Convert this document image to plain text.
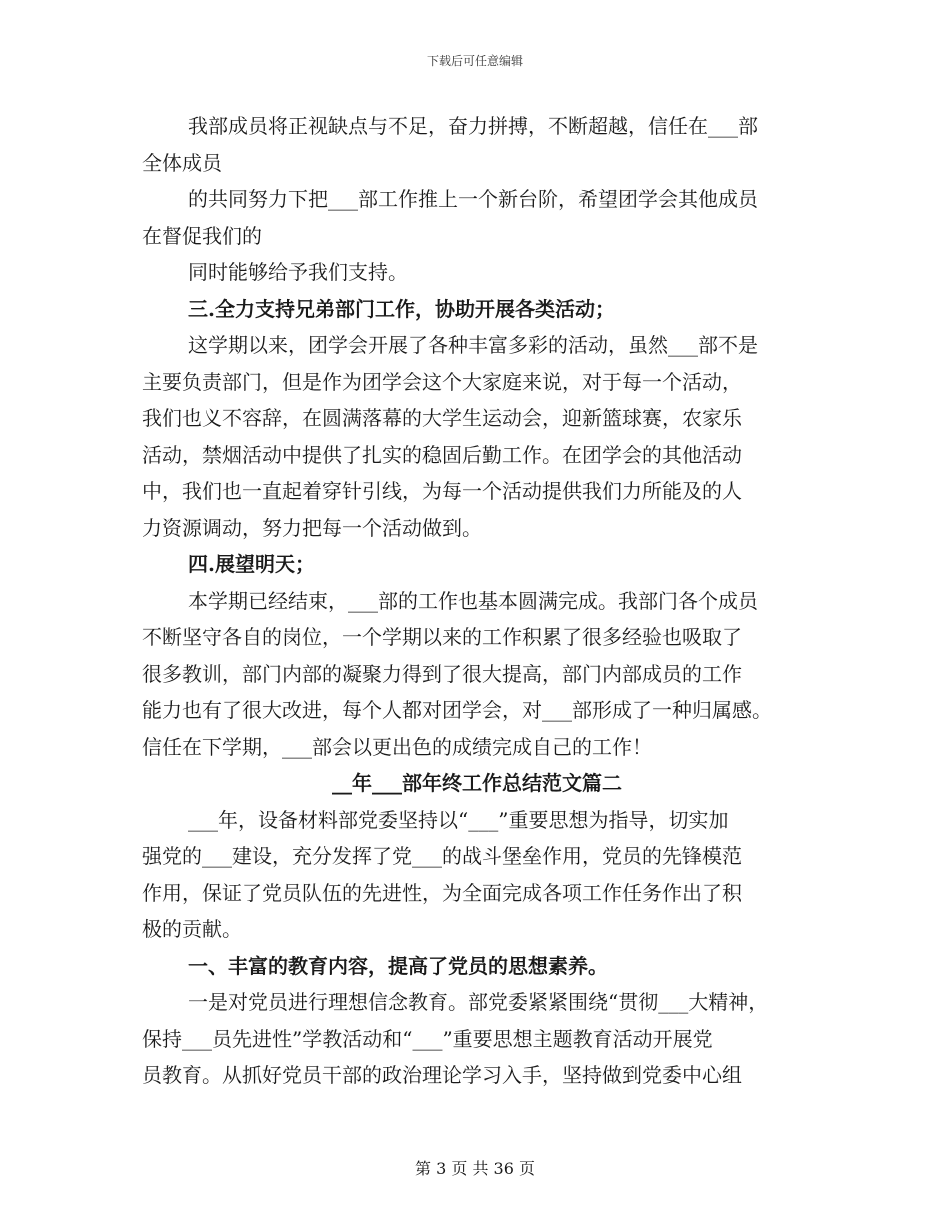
下载后可任意编辑
我部成员将正视缺点与不足，奋力拼搏，不断超越，信任在___部
全体成员
的共同努力下把___部工作推上一个新台阶，希望团学会其他成员
在督促我们的
同时能够给予我们支持。
三.全力支持兄弟部门工作，协助开展各类活动；
这学期以来，团学会开展了各种丰富多彩的活动，虽然___部不是
主要负责部门，但是作为团学会这个大家庭来说，对于每一个活动，
我们也义不容辞，在圆满落幕的大学生运动会，迎新篮球赛，农家乐
活动，禁烟活动中提供了扎实的稳固后勤工作。在团学会的其他活动
中，我们也一直起着穿针引线，为每一个活动提供我们力所能及的人
力资源调动，努力把每一个活动做到。
四.展望明天；
本学期已经结束，___部的工作也基本圆满完成。我部门各个成员
不断坚守各自的岗位，一个学期以来的工作积累了很多经验也吸取了
很多教训，部门内部的凝聚力得到了很大提高，部门内部成员的工作
能力也有了很大改进，每个人都对团学会，对___部形成了一种归属感。
信任在下学期，___部会以更出色的成绩完成自己的工作！
__年___部年终工作总结范文篇二
___年，设备材料部党委坚持以“___”重要思想为指导，切实加
强党的___建设，充分发挥了党___的战斗堡垒作用，党员的先锋模范
作用，保证了党员队伍的先进性，为全面完成各项工作任务作出了积
极的贡献。
一、丰富的教育内容，提高了党员的思想素养。
一是对党员进行理想信念教育。部党委紧紧围绕“贯彻___大精神，
保持___员先进性”学教活动和“___”重要思想主题教育活动开展党
员教育。从抓好党员干部的政治理论学习入手，坚持做到党委中心组
第 3 页 共 36 页
